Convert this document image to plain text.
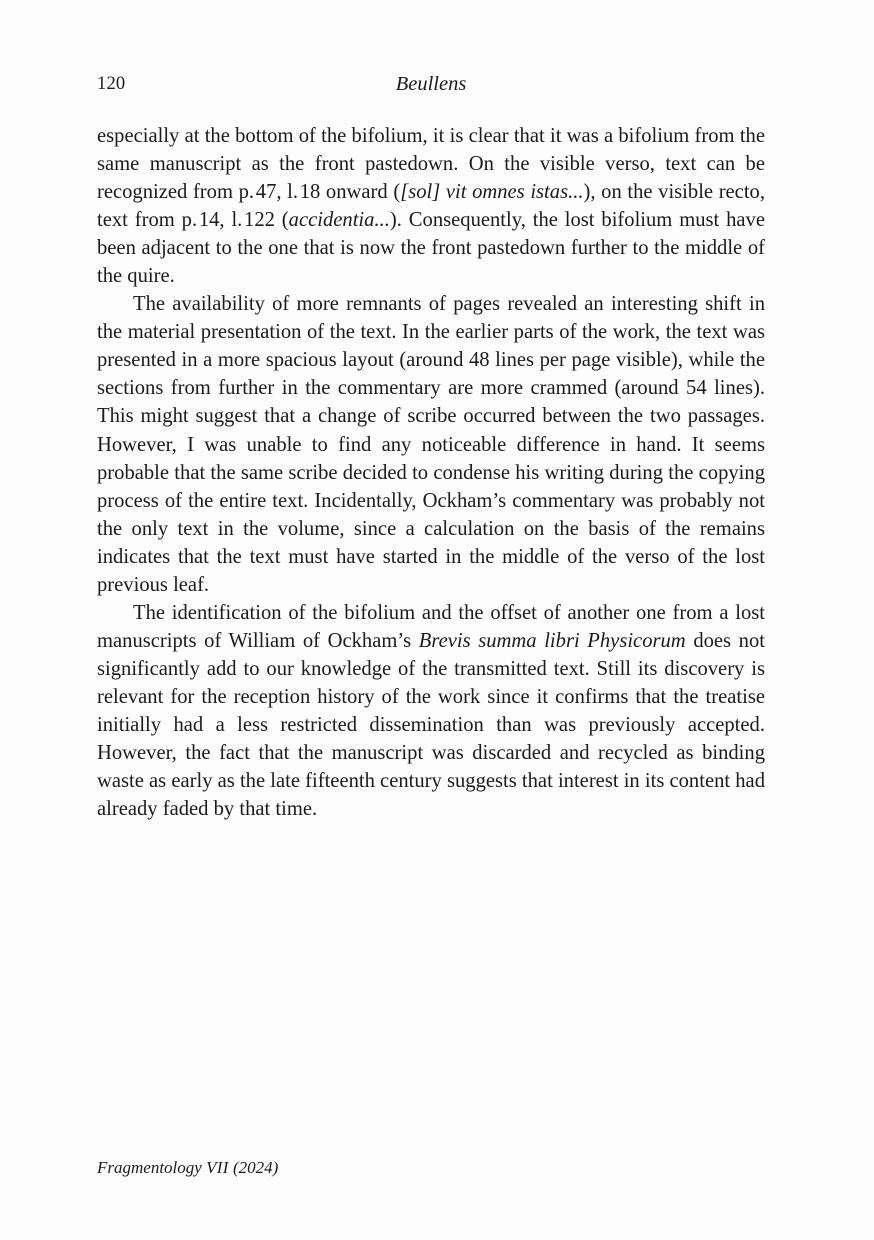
120	Beullens

especially at the bottom of the bifolium, it is clear that it was a bifolium from the same manuscript as the front pastedown. On the visible verso, text can be recognized from p. 47, l. 18 onward ([sol] vit omnes istas...), on the visible recto, text from p. 14, l. 122 (accidentia...). Consequently, the lost bifolium must have been adjacent to the one that is now the front pastedown further to the middle of the quire.

The availability of more remnants of pages revealed an interesting shift in the material presentation of the text. In the earlier parts of the work, the text was presented in a more spacious layout (around 48 lines per page visible), while the sections from further in the commentary are more crammed (around 54 lines). This might suggest that a change of scribe occurred between the two passages. However, I was unable to find any noticeable difference in hand. It seems probable that the same scribe decided to condense his writing during the copying process of the entire text. Incidentally, Ockham’s commentary was probably not the only text in the volume, since a calculation on the basis of the remains indicates that the text must have started in the middle of the verso of the lost previous leaf.

The identification of the bifolium and the offset of another one from a lost manuscripts of William of Ockham’s Brevis summa libri Physicorum does not significantly add to our knowledge of the transmitted text. Still its discovery is relevant for the reception history of the work since it confirms that the treatise initially had a less restricted dissemination than was previously accepted. However, the fact that the manuscript was discarded and recycled as binding waste as early as the late fifteenth century suggests that interest in its content had already faded by that time.

Fragmentology VII (2024)
